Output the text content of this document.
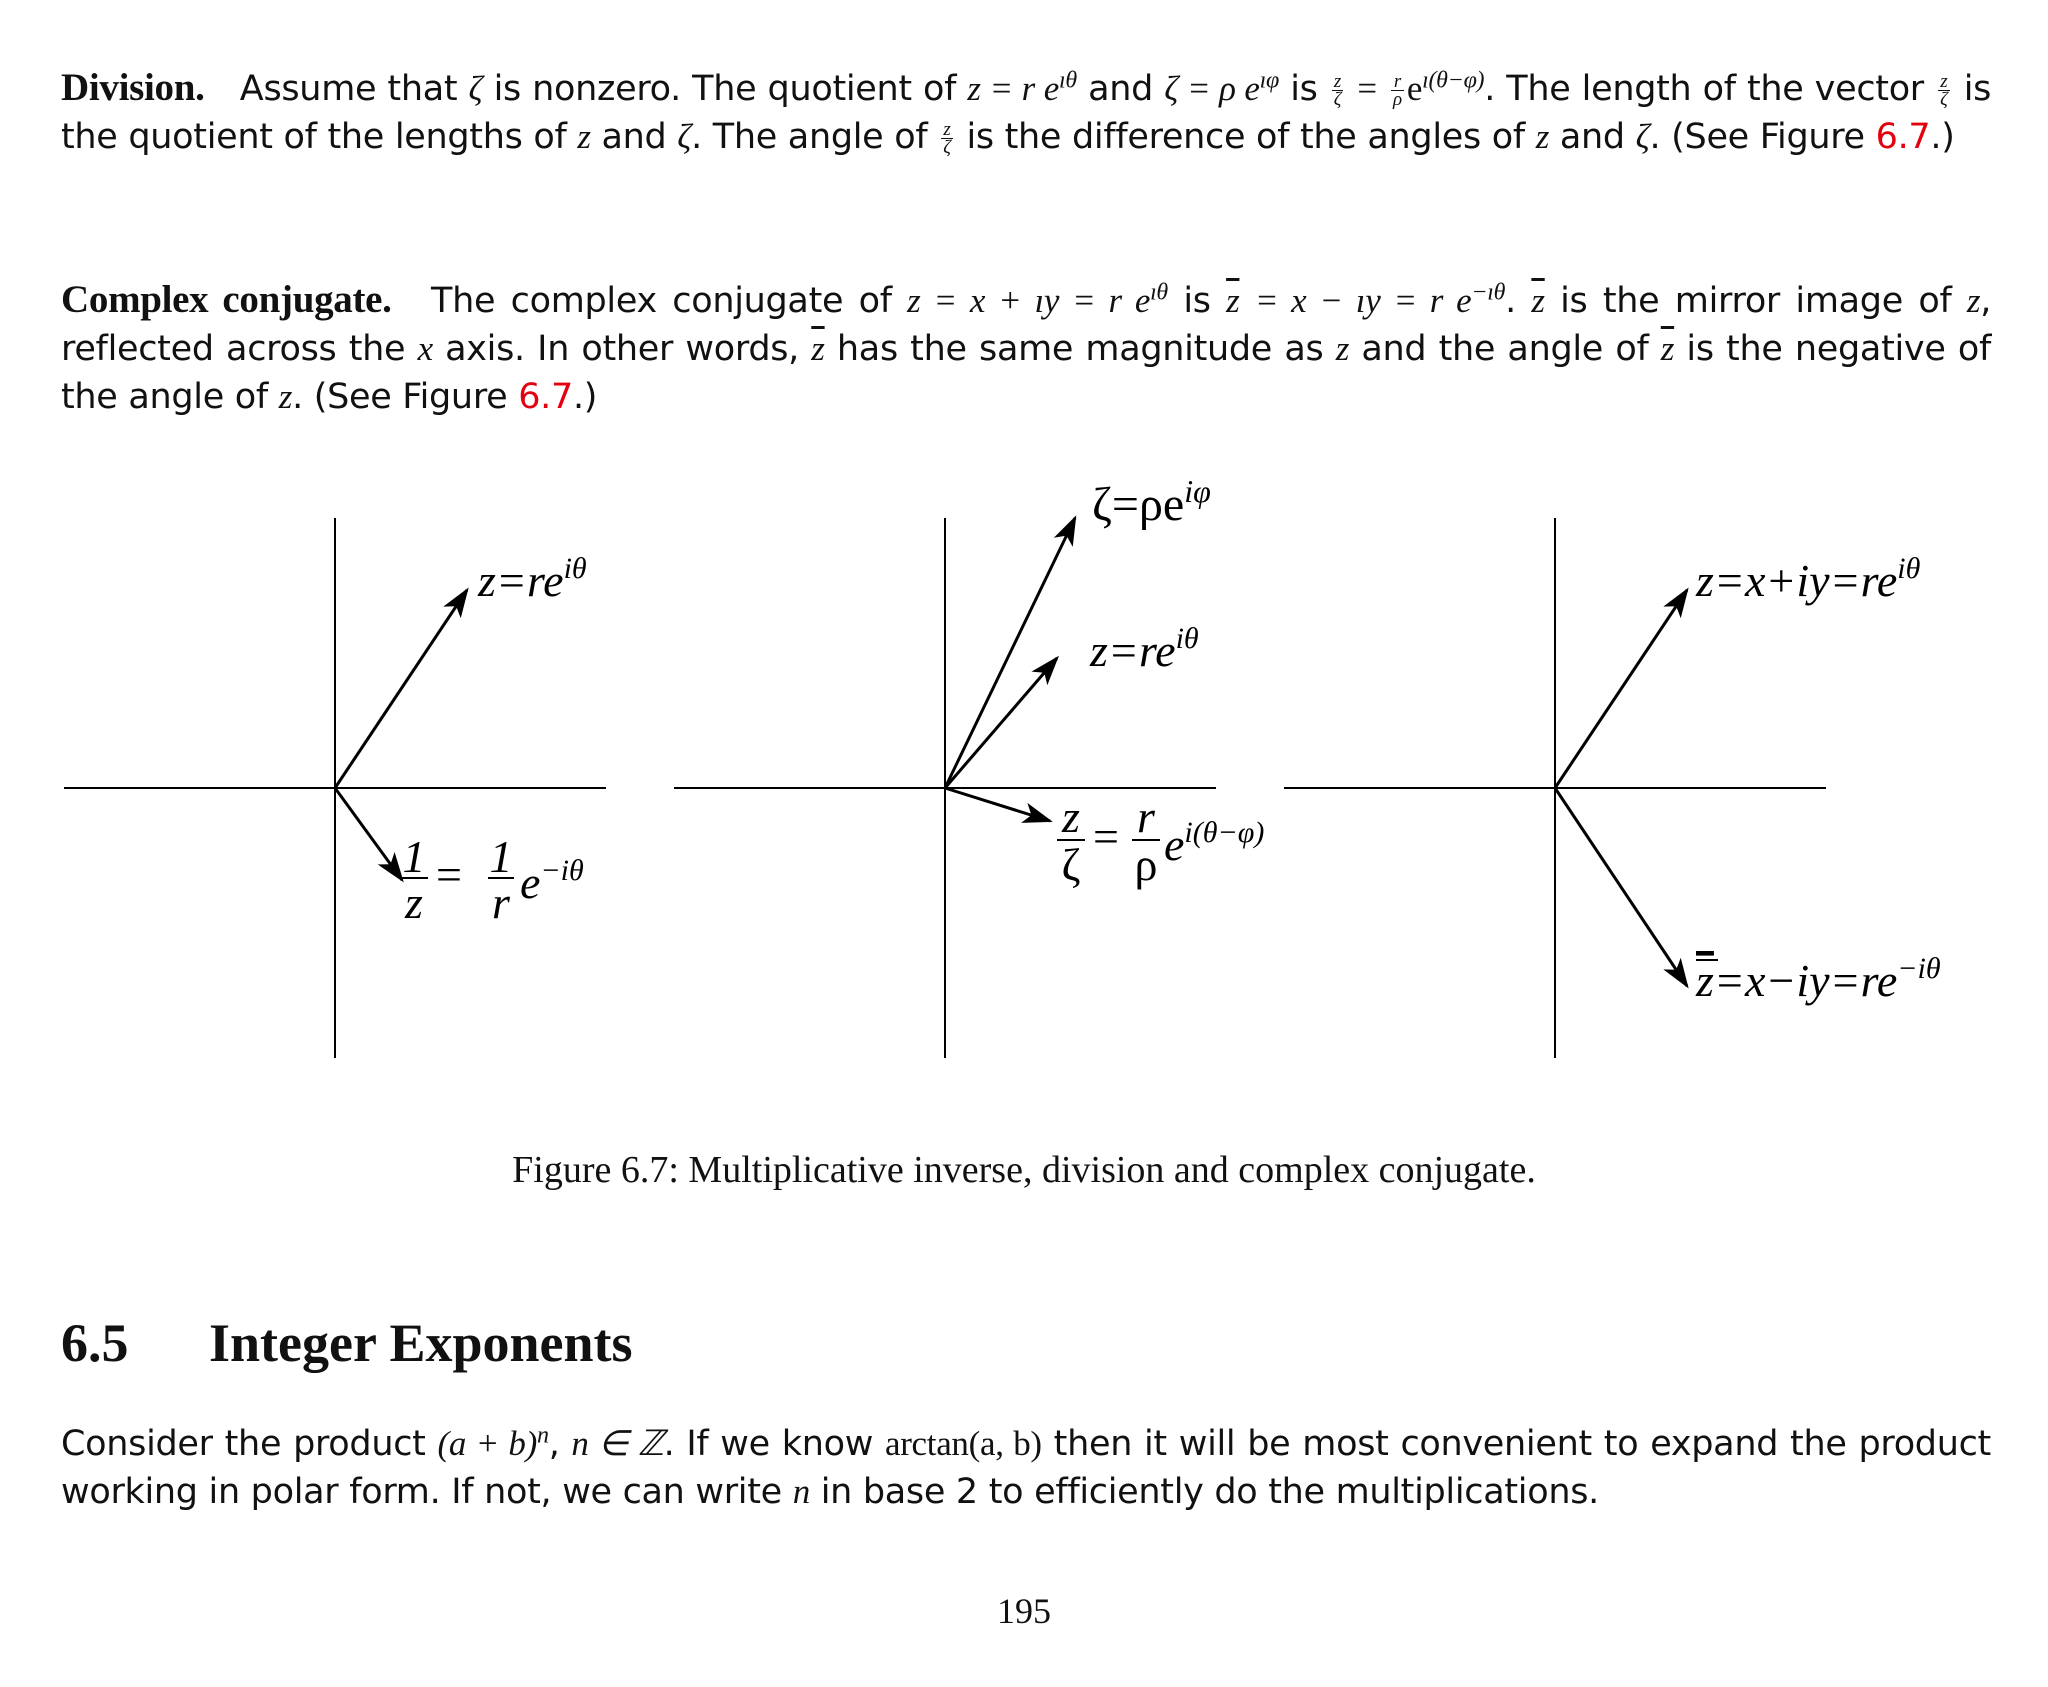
Division. Assume that ζ is nonzero. The quotient of z = r $e^{ı\theta}$ and ζ = ρ $e^{ı\varphi}$ is $\frac{z}{\zeta} = \frac{r}{\rho} e^{ı(\theta-\varphi)}$. The length of the vector $\frac{z}{\zeta}$ is the quotient of the lengths of z and ζ. The angle of $\frac{z}{\zeta}$ is the difference of the angles of z and ζ. (See Figure 6.7.)
Complex conjugate. The complex conjugate of z = x + ıy = r $e^{ı\theta}$ is $\overline{z} = x$ − ıy = r $e^{-ı\theta}$. $\overline{z}$ is the mirror image of z, reflected across the x axis. In other words, $\overline{z}$ has the same magnitude as z and the angle of $\overline{z}$ is the negative of the angle of z. (See Figure 6.7.)
$z=re^{i\theta}$
1
z
= 1
r $e^{-i\theta}$
$\zeta=\rho e^{i\varphi}$
$z=re^{i\theta}$
z
ζ
= r
ρ $e^{i(\theta-\varphi)}$
$z=x+iy=re^{i\theta}$
$z=x-iy=re^{-i\theta}$
Figure 6.7: Multiplicative inverse, division and complex conjugate.
6.5 Integer Exponents
Consider the product $(a + b)^n$, n ∈ ℤ. If we know arctan(a, b) then it will be most convenient to expand the product working in polar form. If not, we can write n in base 2 to efficiently do the multiplications.
195
